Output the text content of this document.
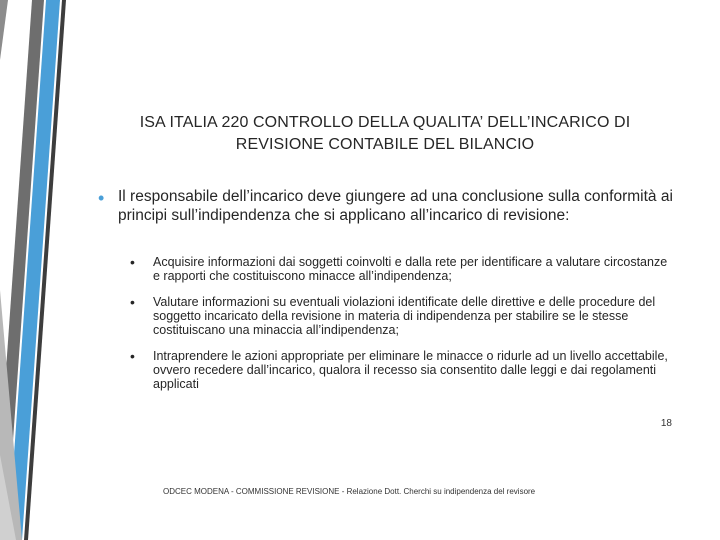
ISA ITALIA 220 CONTROLLO DELLA QUALITA’ DELL’INCARICO DI REVISIONE CONTABILE DEL BILANCIO
• Il responsabile dell’incarico deve giungere ad una conclusione sulla conformità ai principi sull’indipendenza che si applicano all’incarico di revisione:
• Acquisire informazioni dai soggetti coinvolti e dalla rete per identificare a valutare circostanze e rapporti che costituiscono minacce all’indipendenza;
• Valutare informazioni su eventuali violazioni identificate delle direttive e delle procedure del soggetto incaricato della revisione in materia di indipendenza per stabilire se le stesse costituiscano una minaccia all’indipendenza;
• Intraprendere le azioni appropriate per eliminare le minacce o ridurle ad un livello accettabile, ovvero recedere dall’incarico, qualora il recesso sia consentito dalle leggi e dai regolamenti applicati
18
ODCEC MODENA - COMMISSIONE REVISIONE - Relazione Dott. Cherchi su indipendenza del revisore
